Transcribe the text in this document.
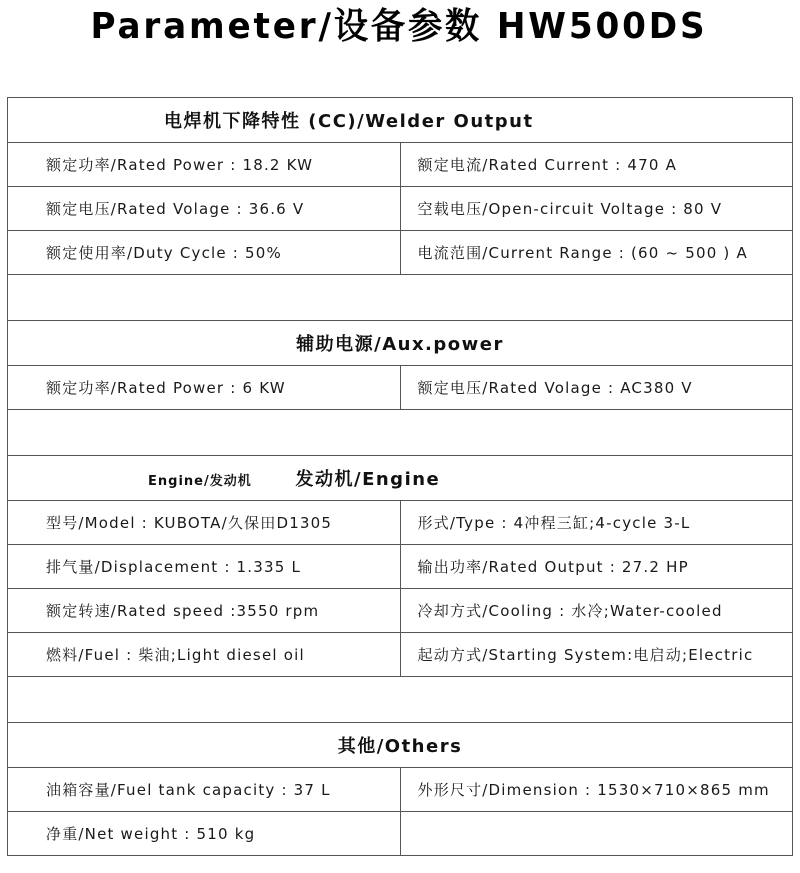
Parameter/设备参数 HW500DS
电焊机下降特性 (CC)/Welder Output	
额定功率/Rated Power : 18.2 KW	额定电流/Rated Current : 470 A
额定电压/Rated Volage : 36.6 V	空载电压/Open-circuit Voltage : 80 V
额定使用率/Duty Cycle : 50%	电流范围/Current Range : (60 ~ 500 ) A

辅助电源/Aux.power	
额定功率/Rated Power : 6 KW	额定电压/Rated Volage : AC380 V

Engine/发动机 发动机/Engine	
型号/Model : KUBOTA/久保田D1305	形式/Type : 4冲程三缸;4-cycle 3-L
排气量/Displacement : 1.335 L	输出功率/Rated Output : 27.2 HP
额定转速/Rated speed :3550 rpm	冷却方式/Cooling : 水冷;Water-cooled
燃料/Fuel : 柴油;Light diesel oil	起动方式/Starting System:电启动;Electric

其他/Others	
油箱容量/Fuel tank capacity : 37 L	外形尺寸/Dimension : 1530×710×865 mm
净重/Net weight : 510 kg	
